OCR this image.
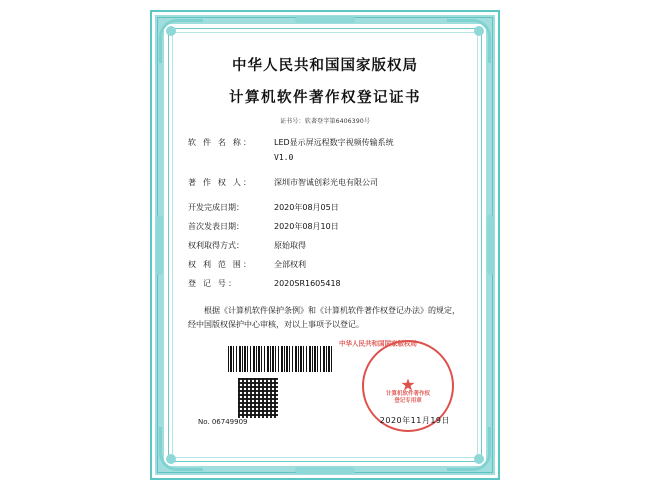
中华人民共和国国家版权局
计算机软件著作权登记证书
证书号：软著登字第6406390号
软 件 名 称：	LED显示屏远程数字视频传输系统
V1.0
著 作 权 人：	深圳市智诚创彩光电有限公司
开发完成日期：	2020年08月05日
首次发表日期：	2020年08月10日
权利取得方式：	原始取得
权 利 范 围：	全部权利
登 记 号：	2020SR1605418
根据《计算机软件保护条例》和《计算机软件著作权登记办法》的规定，经中国版权保护中心审核，对以上事项予以登记。
中华人民共和国国家版权局
★
计算机软件著作权
登记专用章
No. 06749909	2020年11月19日
